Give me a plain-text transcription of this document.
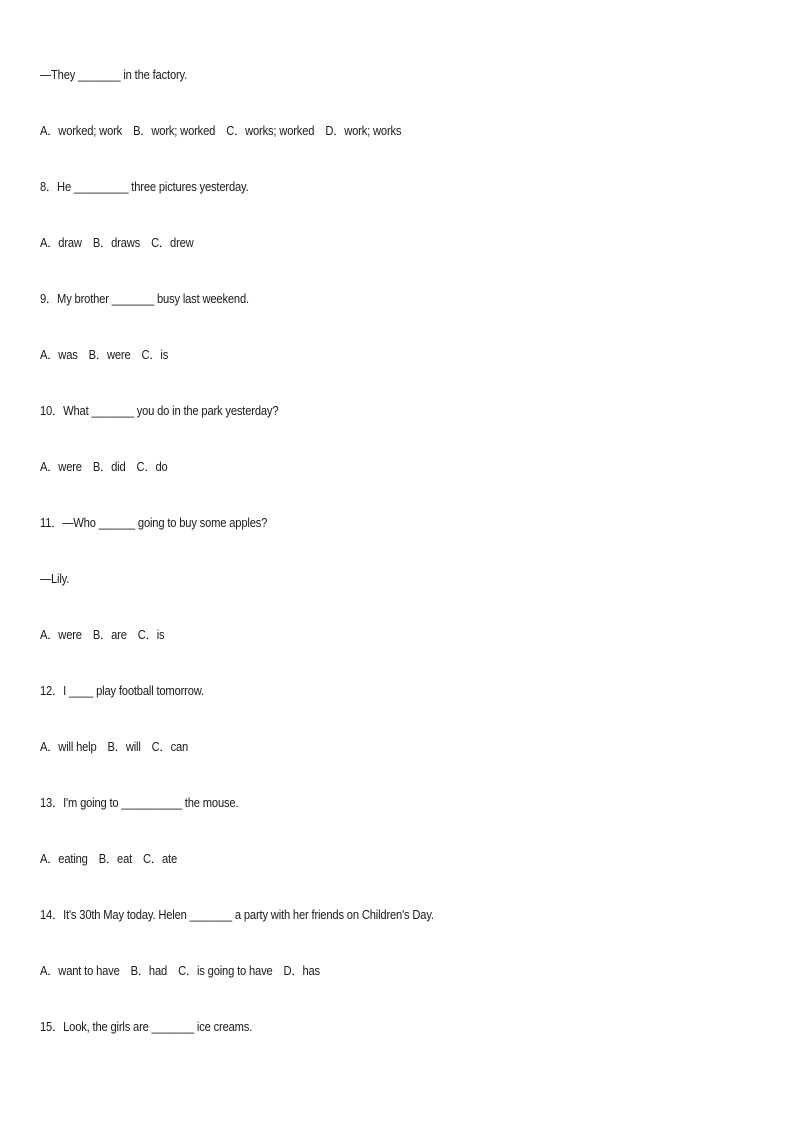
—They _______ in the factory.

A．worked; work　B．work; worked　C．works; worked　D．work; works

8．He _________ three pictures yesterday.

A．draw　B．draws　C．drew

9．My brother _______ busy last weekend.

A．was　B．were　C．is

10．What _______ you do in the park yesterday?

A．were　B．did　C．do

11．—Who ______ going to buy some apples?

—Lily.

A．were　B．are　C．is

12．I ____ play football tomorrow.

A．will help　B．will　C．can

13．I'm going to __________ the mouse.

A．eating　B．eat　C．ate

14．It's 30th May today. Helen _______ a party with her friends on Children's Day.

A．want to have　B．had　C．is going to have　D．has

15．Look, the girls are _______ ice creams.
